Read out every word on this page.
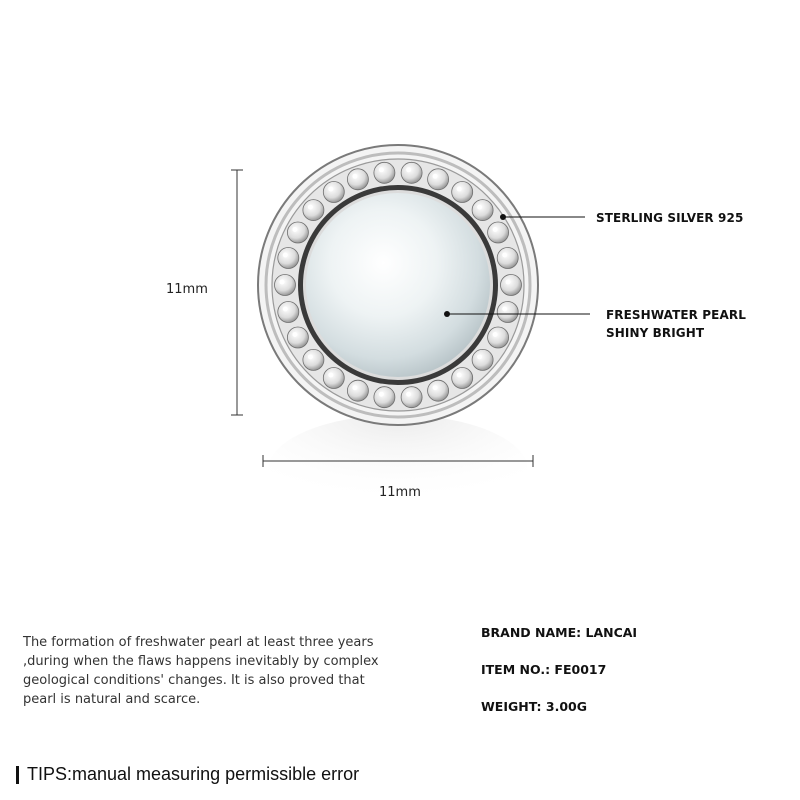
11mm
11mm
STERLING SILVER 925
FRESHWATER PEARL
SHINY BRIGHT
The formation of freshwater pearl at least three years ,during when the flaws happens inevitably by complex geological conditions' changes. It is also proved that pearl is natural and scarce.
BRAND NAME: LANCAI
ITEM NO.: FE0017
WEIGHT: 3.00G
TIPS:manual measuring permissible error
